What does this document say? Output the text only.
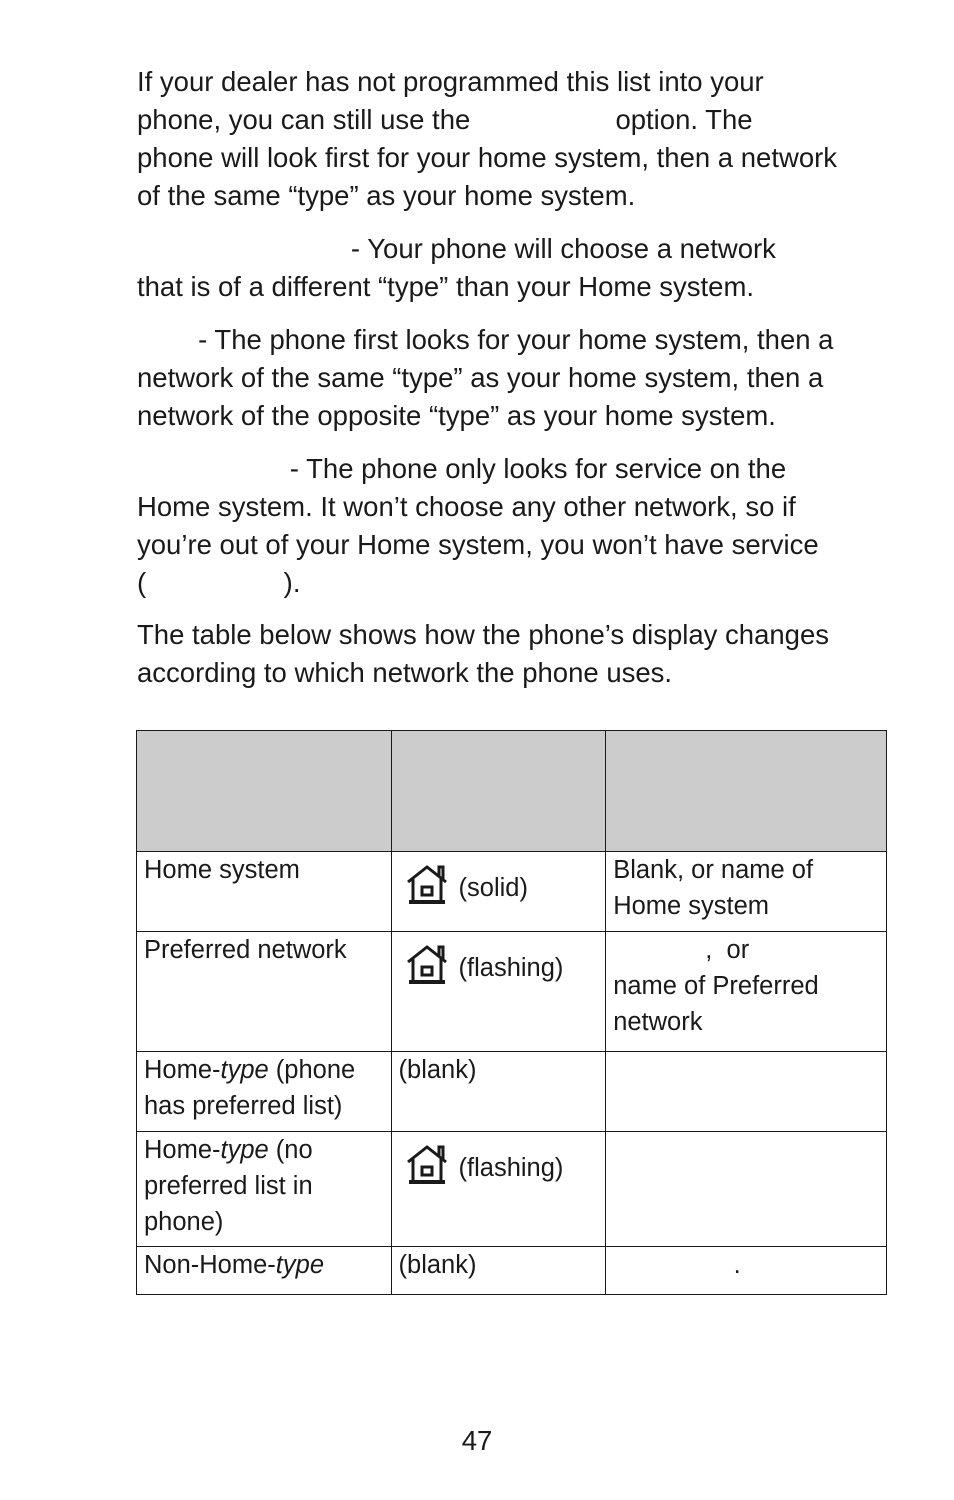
If your dealer has not programmed this list into your
phone, you can still use the                   option. The
phone will look first for your home system, then a network
of the same “type” as your home system.
- Your phone will choose a network
that is of a different “type” than your Home system.
- The phone first looks for your home system, then a
network of the same “type” as your home system, then a
network of the opposite “type” as your home system.
- The phone only looks for service on the
Home system. It won’t choose any other network, so if
you’re out of your Home system, you won’t have service
(                  ).
The table below shows how the phone’s display changes
according to which network the phone uses.

Home system	(solid)	Blank, or name of
Home system

Preferred network	(flashing)	,  or
name of Preferred
network

Home-type (phone has preferred list)	(blank)	

Home-type (no preferred list in phone)	(flashing)	

Non-Home-type	(blank)	.
47
